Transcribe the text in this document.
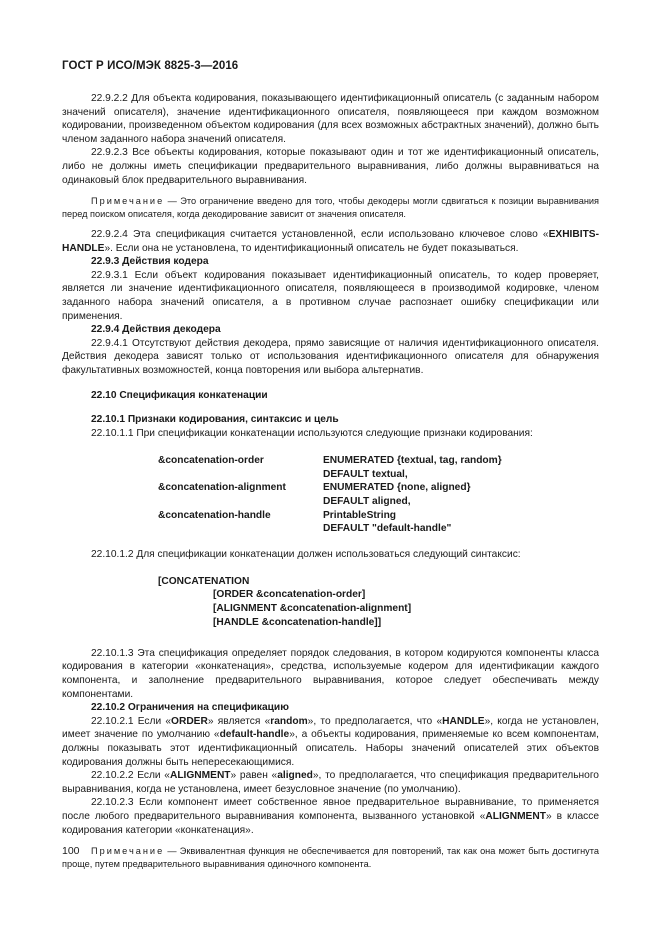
ГОСТ Р ИСО/МЭК 8825-3—2016

22.9.2.2 Для объекта кодирования, показывающего идентификационный описатель (с заданным набором значений описателя), значение идентификационного описателя, появляющееся при каждом возможном кодировании, произведенном объектом кодирования (для всех возможных абстрактных значений), должно быть членом заданного набора значений описателя.

22.9.2.3 Все объекты кодирования, которые показывают один и тот же идентификационный описатель, либо не должны иметь спецификации предварительного выравнивания, либо должны выравниваться на одинаковый блок предварительного выравнивания.

Примечание — Это ограничение введено для того, чтобы декодеры могли сдвигаться к позиции выравнивания перед поиском описателя, когда декодирование зависит от значения описателя.

22.9.2.4 Эта спецификация считается установленной, если использовано ключевое слово «EXHIBITS-HANDLE». Если она не установлена, то идентификационный описатель не будет показываться.

22.9.3 Действия кодера

22.9.3.1 Если объект кодирования показывает идентификационный описатель, то кодер проверяет, является ли значение идентификационного описателя, появляющееся в производимой кодировке, членом заданного набора значений описателя, а в противном случае распознает ошибку спецификации или применения.

22.9.4 Действия декодера

22.9.4.1 Отсутствуют действия декодера, прямо зависящие от наличия идентификационного описателя. Действия декодера зависят только от использования идентификационного описателя для обнаружения факультативных возможностей, конца повторения или выбора альтернатив.

22.10 Спецификация конкатенации

22.10.1 Признаки кодирования, синтаксис и цель

22.10.1.1 При спецификации конкатенации используются следующие признаки кодирования:

&concatenation-order	ENUMERATED {textual, tag, random}
DEFAULT textual,
&concatenation-alignment	ENUMERATED {none, aligned}
DEFAULT aligned,
&concatenation-handle	PrintableString
DEFAULT "default-handle"

22.10.1.2 Для спецификации конкатенации должен использоваться следующий синтаксис:

[CONCATENATION
[ORDER &concatenation-order]
[ALIGNMENT &concatenation-alignment]
[HANDLE &concatenation-handle]]

22.10.1.3 Эта спецификация определяет порядок следования, в котором кодируются компоненты класса кодирования в категории «конкатенация», средства, используемые кодером для идентификации каждого компонента, и заполнение предварительного выравнивания, которое следует обеспечивать между компонентами.

22.10.2 Ограничения на спецификацию

22.10.2.1 Если «ORDER» является «random», то предполагается, что «HANDLE», когда не установлен, имеет значение по умолчанию «default-handle», а объекты кодирования, применяемые ко всем компонентам, должны показывать этот идентификационный описатель. Наборы значений описателей этих объектов кодирования должны быть непересекающимися.

22.10.2.2 Если «ALIGNMENT» равен «aligned», то предполагается, что спецификация предварительного выравнивания, когда не установлена, имеет безусловное значение (по умолчанию).

22.10.2.3 Если компонент имеет собственное явное предварительное выравнивание, то применяется после любого предварительного выравнивания компонента, вызванного установкой «ALIGNMENT» в классе кодирования категории «конкатенация».

Примечание — Эквивалентная функция не обеспечивается для повторений, так как она может быть достигнута проще, путем предварительного выравнивания одиночного компонента.

100
